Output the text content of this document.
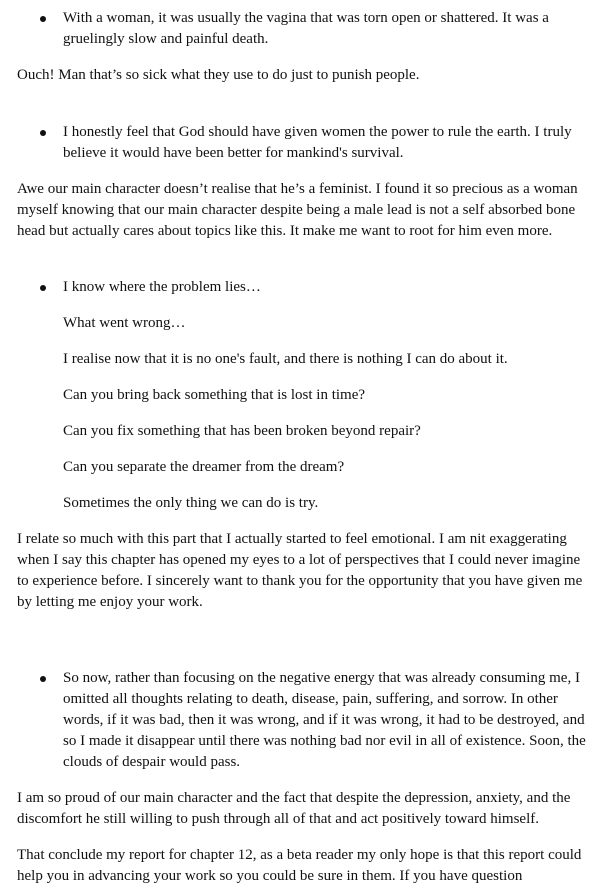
With a woman, it was usually the vagina that was torn open or shattered. It was a gruelingly slow and painful death.

Ouch! Man that’s so sick what they use to do just to punish people.

I honestly feel that God should have given women the power to rule the earth. I truly believe it would have been better for mankind's survival.

Awe our main character doesn’t realise that he’s a feminist. I found it so precious as a woman myself knowing that our main character despite being a male lead is not a self absorbed bone head but actually cares about topics like this. It make me want to root for him even more.

I know where the problem lies…

What went wrong…

I realise now that it is no one's fault, and there is nothing I can do about it.

Can you bring back something that is lost in time?

Can you fix something that has been broken beyond repair?

Can you separate the dreamer from the dream?

Sometimes the only thing we can do is try.

I relate so much with this part that I actually started to feel emotional. I am nit exaggerating when I say this chapter has opened my eyes to a lot of perspectives that I could never imagine to experience before. I sincerely want to thank you for the opportunity that you have given me by letting me enjoy your work.

So now, rather than focusing on the negative energy that was already consuming me, I omitted all thoughts relating to death, disease, pain, suffering, and sorrow. In other words, if it was bad, then it was wrong, and if it was wrong, it had to be destroyed, and so I made it disappear until there was nothing bad nor evil in all of existence. Soon, the clouds of despair would pass.

I am so proud of our main character and the fact that despite the depression, anxiety, and the discomfort he still willing to push through all of that and act positively toward himself.

That conclude my report for chapter 12, as a beta reader my only hope is that this report could help you in advancing your work so you could be sure in them. If you have question
